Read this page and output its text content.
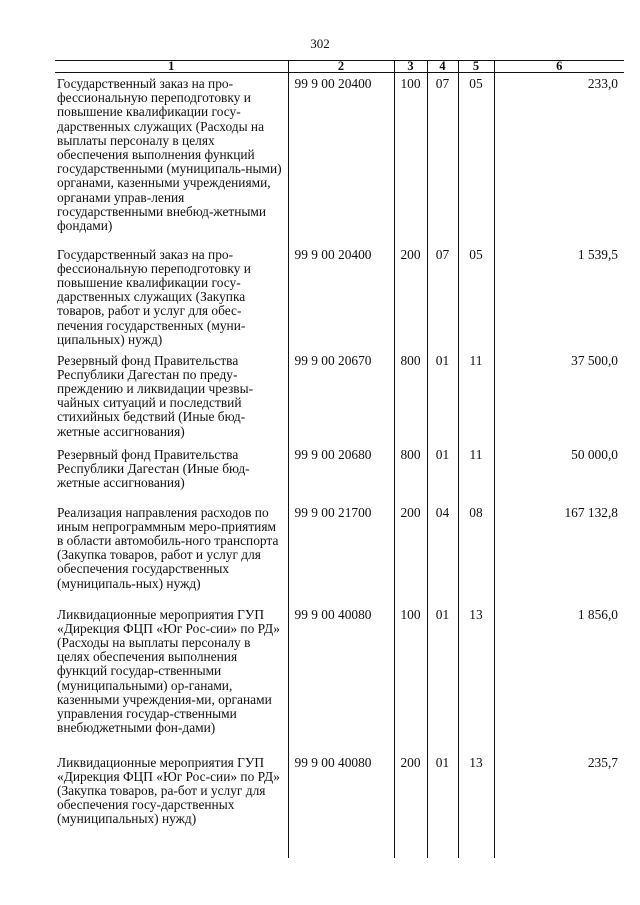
302
1	2	3	4	5	6
Государственный заказ на про-фессиональную переподготовку и повышение квалификации госу-дарственных служащих (Расходы на выплаты персоналу в целях обеспечения выполнения функций государственными (муниципаль-ными) органами, казенными учреждениями, органами управ-ления государственными внебюд-жетными фондами)	99 9 00 20400	100	07	05	233,0
Государственный заказ на про-фессиональную переподготовку и повышение квалификации госу-дарственных служащих (Закупка товаров, работ и услуг для обес-печения государственных (муни-ципальных) нужд)	99 9 00 20400	200	07	05	1 539,5
Резервный фонд Правительства Республики Дагестан по преду-преждению и ликвидации чрезвы-чайных ситуаций и последствий стихийных бедствий (Иные бюд-жетные ассигнования)	99 9 00 20670	800	01	11	37 500,0
Резервный фонд Правительства Республики Дагестан (Иные бюд-жетные ассигнования)	99 9 00 20680	800	01	11	50 000,0
Реализация направления расходов по иным непрограммным меро-приятиям в области автомобиль-ного транспорта (Закупка товаров, работ и услуг для обеспечения государственных (муниципаль-ных) нужд)	99 9 00 21700	200	04	08	167 132,8
Ликвидационные мероприятия ГУП «Дирекция ФЦП «Юг Рос-сии» по РД» (Расходы на выплаты персоналу в целях обеспечения выполнения функций государ-ственными (муниципальными) ор-ганами, казенными учреждения-ми, органами управления государ-ственными внебюджетными фон-дами)	99 9 00 40080	100	01	13	1 856,0
Ликвидационные мероприятия ГУП «Дирекция ФЦП «Юг Рос-сии» по РД» (Закупка товаров, ра-бот и услуг для обеспечения госу-дарственных (муниципальных) нужд)	99 9 00 40080	200	01	13	235,7
